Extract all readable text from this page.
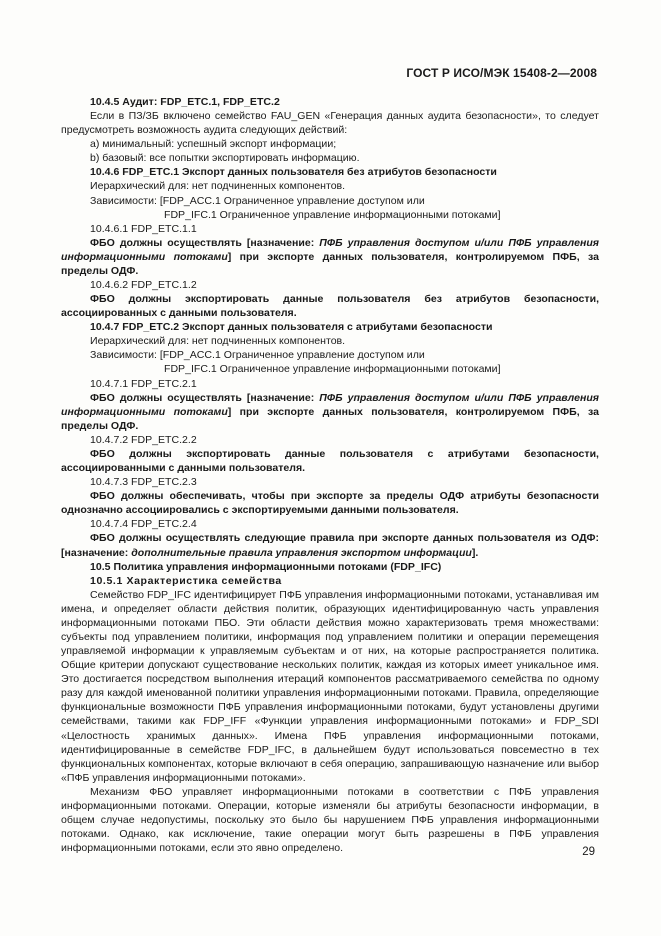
ГОСТ Р ИСО/МЭК 15408-2—2008

10.4.5 Аудит: FDP_ETC.1, FDP_ETC.2

Если в ПЗ/ЗБ включено семейство FAU_GEN «Генерация данных аудита безопасности», то следует предусмотреть возможность аудита следующих действий:

a) минимальный: успешный экспорт информации;

b) базовый: все попытки экспортировать информацию.

10.4.6 FDP_ETC.1 Экспорт данных пользователя без атрибутов безопасности

Иерархический для: нет подчиненных компонентов.

Зависимости: [FDP_ACC.1 Ограниченное управление доступом или

FDP_IFC.1 Ограниченное управление информационными потоками]

10.4.6.1 FDP_ETC.1.1

ФБО должны осуществлять [назначение: ПФБ управления доступом и/или ПФБ управления информационными потоками] при экспорте данных пользователя, контролируемом ПФБ, за пределы ОДФ.

10.4.6.2 FDP_ETC.1.2

ФБО должны экспортировать данные пользователя без атрибутов безопасности, ассоциированных с данными пользователя.

10.4.7 FDP_ETC.2 Экспорт данных пользователя с атрибутами безопасности

Иерархический для: нет подчиненных компонентов.

Зависимости: [FDP_ACC.1 Ограниченное управление доступом или

FDP_IFC.1 Ограниченное управление информационными потоками]

10.4.7.1 FDP_ETC.2.1

ФБО должны осуществлять [назначение: ПФБ управления доступом и/или ПФБ управления информационными потоками] при экспорте данных пользователя, контролируемом ПФБ, за пределы ОДФ.

10.4.7.2 FDP_ETC.2.2

ФБО должны экспортировать данные пользователя с атрибутами безопасности, ассоциированными с данными пользователя.

10.4.7.3 FDP_ETC.2.3

ФБО должны обеспечивать, чтобы при экспорте за пределы ОДФ атрибуты безопасности однозначно ассоциировались с экспортируемыми данными пользователя.

10.4.7.4 FDP_ETC.2.4

ФБО должны осуществлять следующие правила при экспорте данных пользователя из ОДФ: [назначение: дополнительные правила управления экспортом информации].

10.5 Политика управления информационными потоками (FDP_IFC)

10.5.1 Характеристика семейства

Семейство FDP_IFC идентифицирует ПФБ управления информационными потоками, устанавливая им имена, и определяет области действия политик, образующих идентифицированную часть управления информационными потоками ПБО. Эти области действия можно характеризовать тремя множествами: субъекты под управлением политики, информация под управлением политики и операции перемещения управляемой информации к управляемым субъектам и от них, на которые распространяется политика. Общие критерии допускают существование нескольких политик, каждая из которых имеет уникальное имя. Это достигается посредством выполнения итераций компонентов рассматриваемого семейства по одному разу для каждой именованной политики управления информационными потоками. Правила, определяющие функциональные возможности ПФБ управления информационными потоками, будут установлены другими семействами, такими как FDP_IFF «Функции управления информационными потоками» и FDP_SDI «Целостность хранимых данных». Имена ПФБ управления информационными потоками, идентифицированные в семействе FDP_IFC, в дальнейшем будут использоваться повсеместно в тех функциональных компонентах, которые включают в себя операцию, запрашивающую назначение или выбор «ПФБ управления информационными потоками».

Механизм ФБО управляет информационными потоками в соответствии с ПФБ управления информационными потоками. Операции, которые изменяли бы атрибуты безопасности информации, в общем случае недопустимы, поскольку это было бы нарушением ПФБ управления информационными потоками. Однако, как исключение, такие операции могут быть разрешены в ПФБ управления информационными потоками, если это явно определено.	29
